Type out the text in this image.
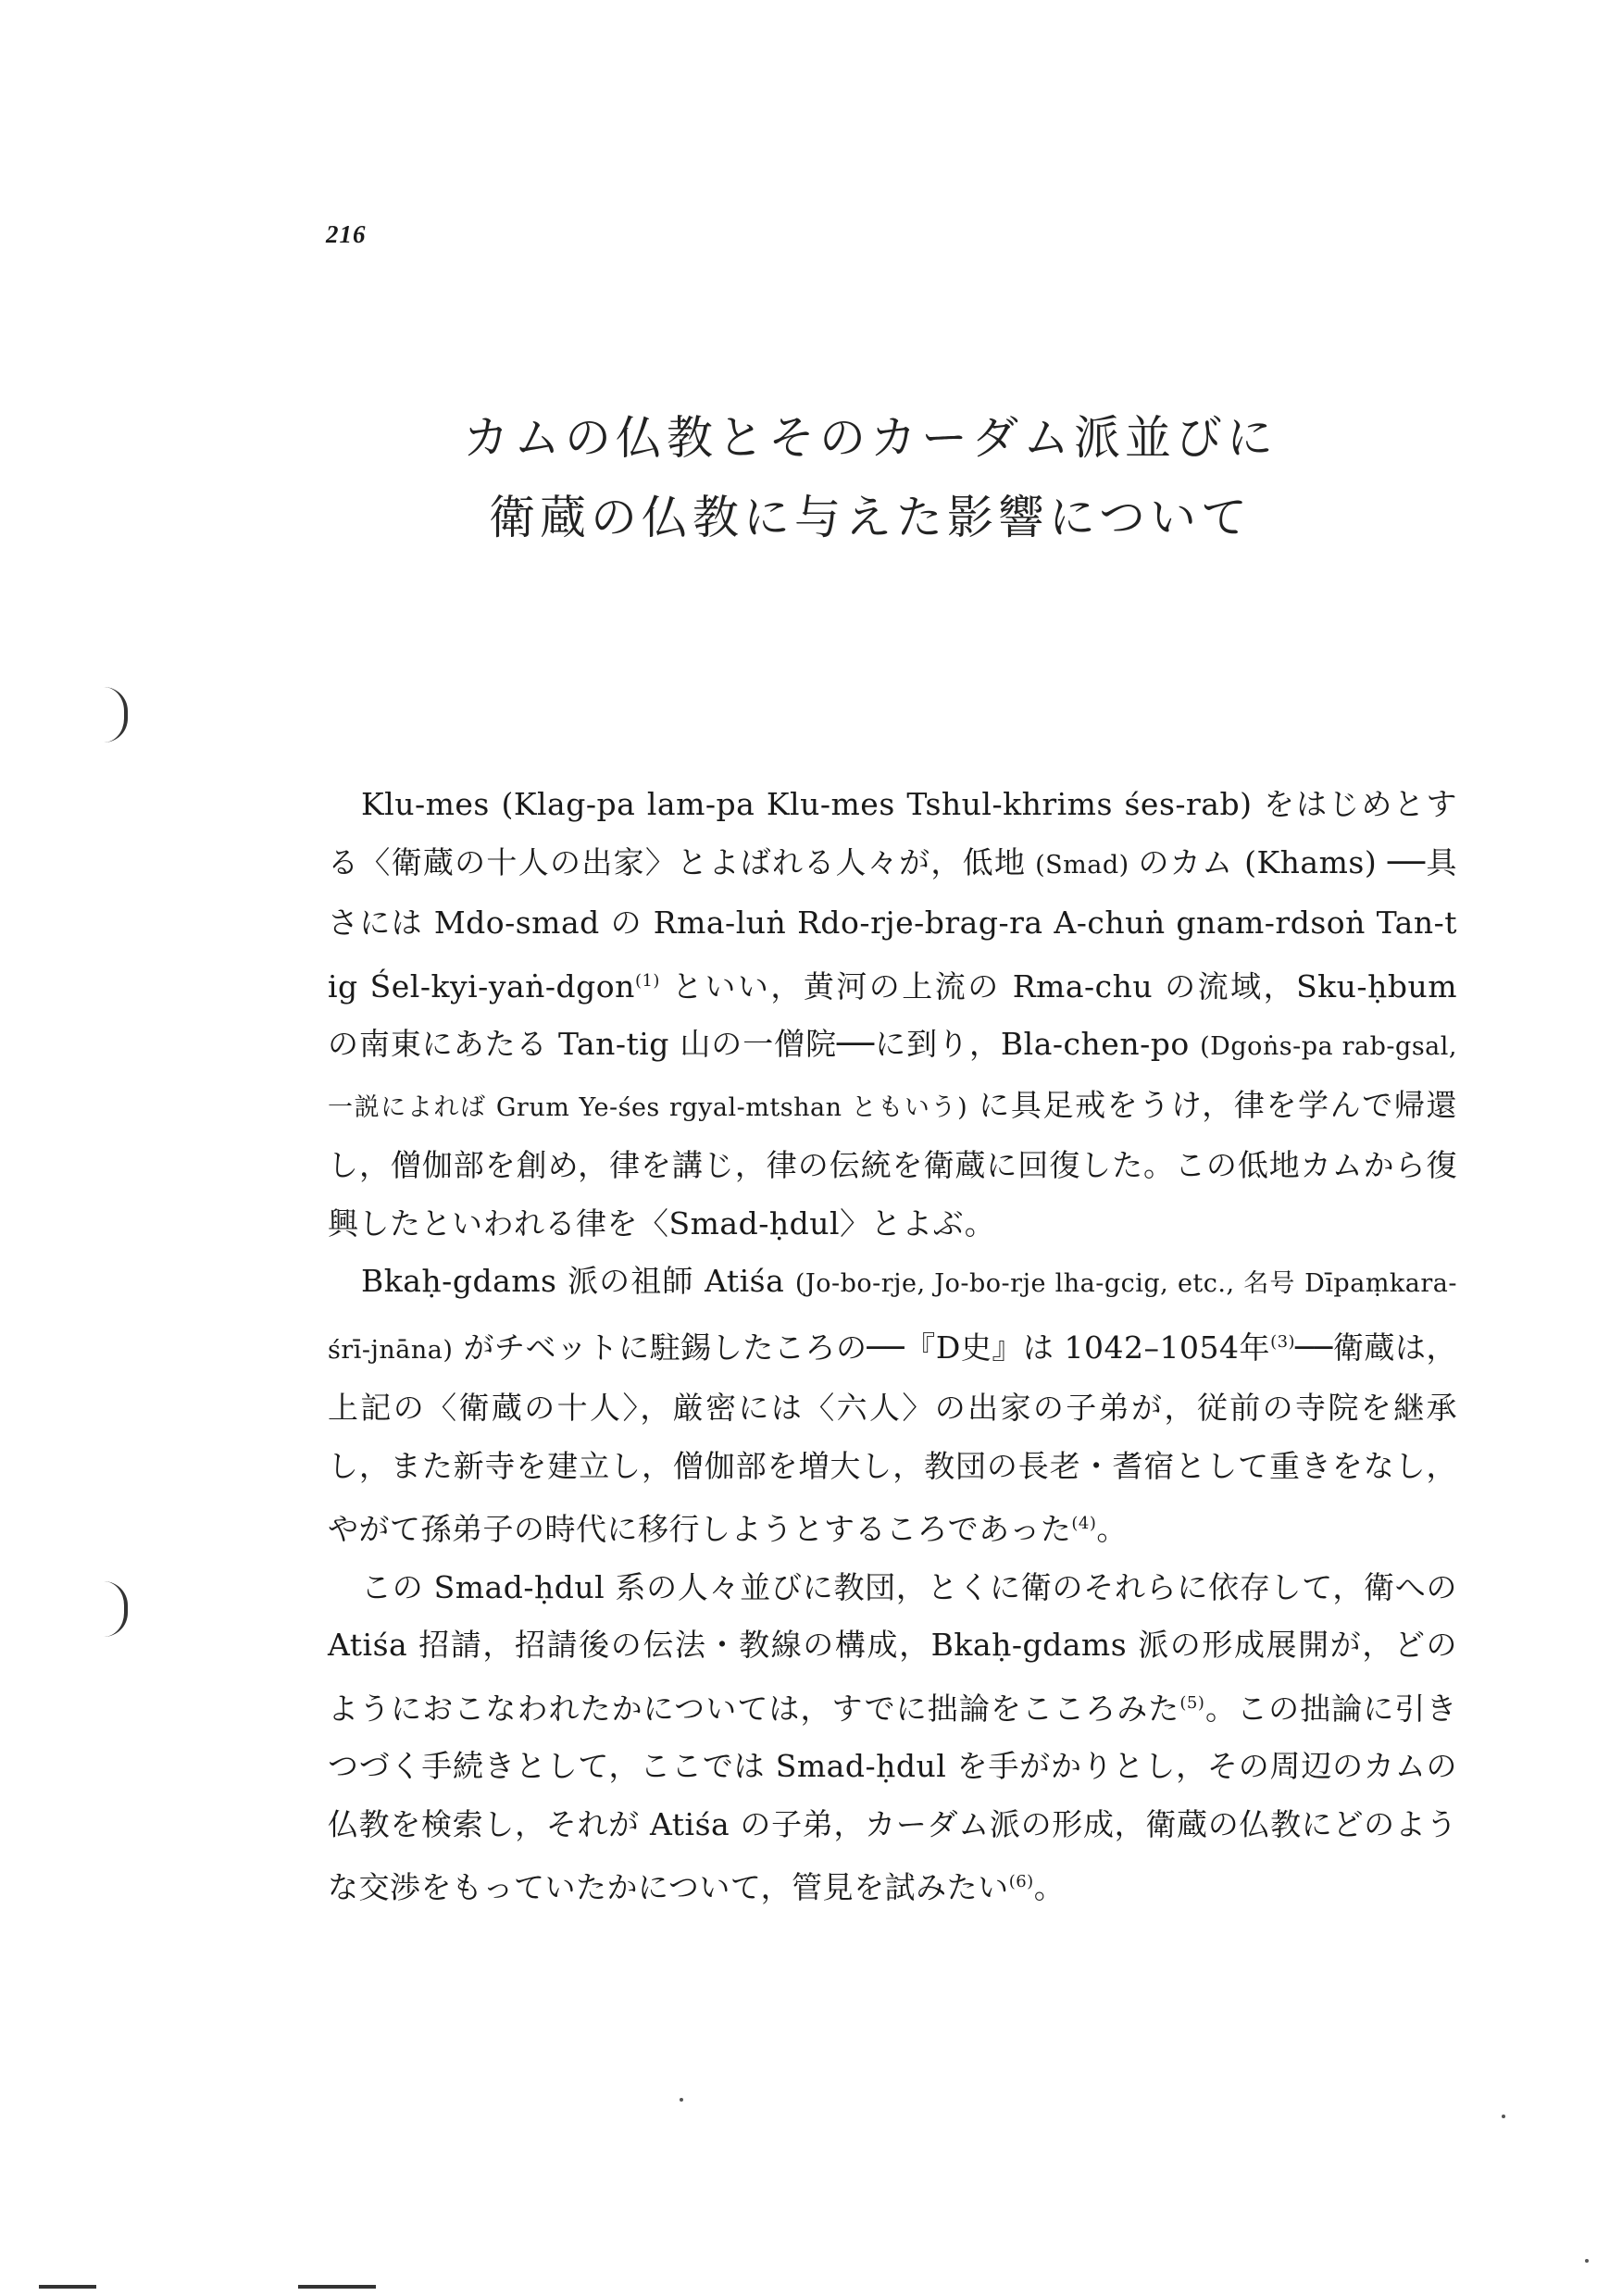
216
カムの仏教とそのカーダム派並びに
衛蔵の仏教に与えた影響について

Klu-mes (Klag-pa lam-pa Klu-mes Tshul-khrims śes-rab) をはじめとする〈衛蔵の十人の出家〉とよばれる人々が，低地 (Smad) のカム (Khams) ──具さには Mdo-smad の Rma-luṅ Rdo-rje-brag-ra A-chuṅ gnam-rdsoṅ Tan-tig Śel-kyi-yaṅ-dgon$^{(1)}$ といい，黄河の上流の Rma-chu の流域，Sku-ḥbum の南東にあたる Tan-tig 山の一僧院──に到り，Bla-chen-po (Dgoṅs-pa rab-gsal, 一説によれば Grum Ye-śes rgyal-mtshan ともいう) に具足戒をうけ，律を学んで帰還し，僧伽部を創め，律を講じ，律の伝統を衛蔵に回復した。この低地カムから復興したといわれる律を〈Smad-ḥdul〉とよぶ。

Bkaḥ-gdams 派の祖師 Atiśa (Jo-bo-rje, Jo-bo-rje lha-gcig, etc., 名号 Dīpaṃkara-śrī-jnāna) がチベットに駐錫したころの──『D史』は 1042–1054年$^{(3)}$──衛蔵は，上記の〈衛蔵の十人〉，厳密には〈六人〉の出家の子弟が，従前の寺院を継承し，また新寺を建立し，僧伽部を増大し，教団の長老・耆宿として重きをなし，やがて孫弟子の時代に移行しようとするころであった$^{(4)}$。

この Smad-ḥdul 系の人々並びに教団，とくに衛のそれらに依存して，衛への Atiśa 招請，招請後の伝法・教線の構成，Bkaḥ-gdams 派の形成展開が，どのようにおこなわれたかについては，すでに拙論をこころみた$^{(5)}$。この拙論に引きつづく手続きとして，ここでは Smad-ḥdul を手がかりとし，その周辺のカムの仏教を検索し，それが Atiśa の子弟，カーダム派の形成，衛蔵の仏教にどのような交渉をもっていたかについて，管見を試みたい$^{(6)}$。
